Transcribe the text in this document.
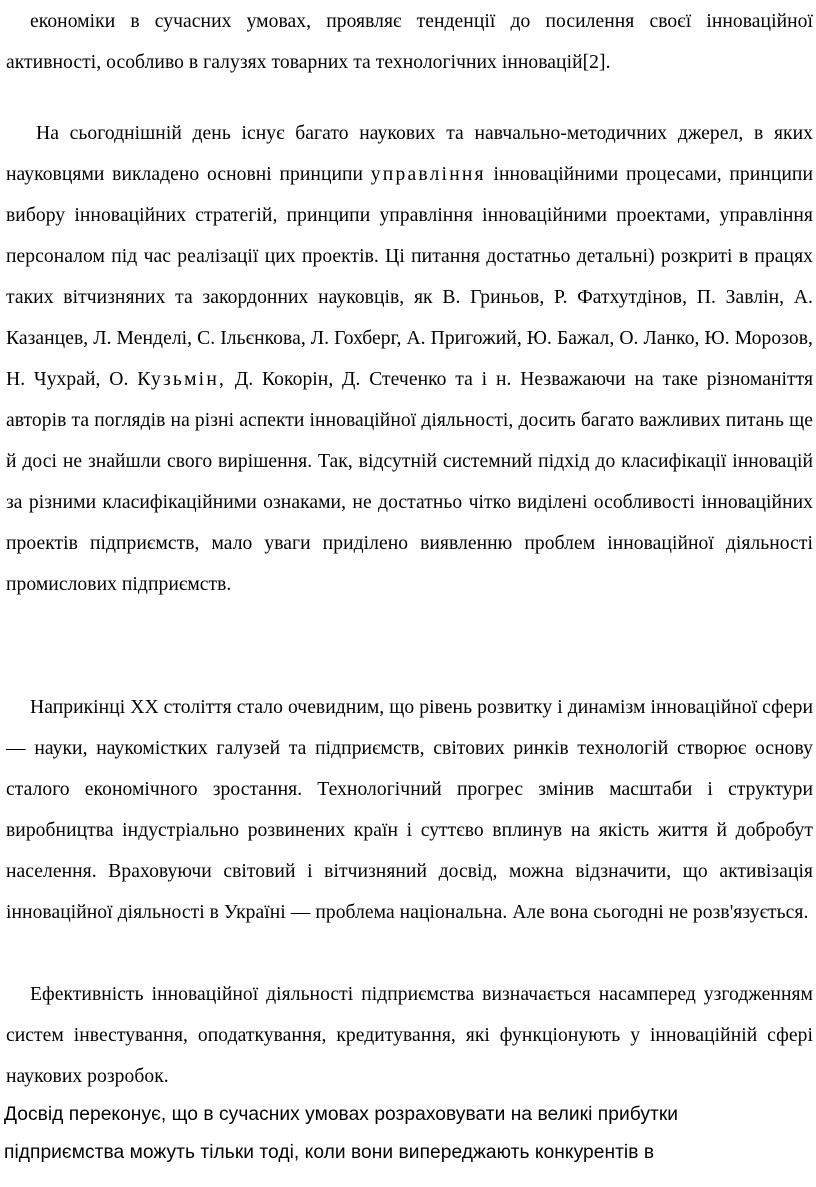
економіки в сучасних умовах, проявляє тенденції до посилення своєї інноваційної активності, особливо в галузях товарних та технологічних інновацій[2].

На сьогоднішній день існує багато наукових та навчально-методичних джерел, в яких науковцями викладено основні принципи управління інноваційними процесами, принципи вибору інноваційних стратегій, принципи управління інноваційними проектами, управління персоналом під час реалізації цих проектів. Ці питання достатньо детальні) розкриті в працях таких вітчизняних та закордонних науковців, як В. Гриньов, Р. Фатхутдінов, П. Завлін, А. Казанцев, Л. Менделі, С. Ільєнкова, Л. Гохберг, А. Пригожий, Ю. Бажал, О. Ланко, Ю. Морозов, Н. Чухрай, О. Кузьмін, Д. Кокорін, Д. Стеченко та і н. Незважаючи на таке різноманіття авторів та поглядів на різні аспекти інноваційної діяльності, досить багато важливих питань ще й досі не знайшли свого вирішення. Так, відсутній системний підхід до класифікації інновацій за різними класифікаційними ознаками, не достатньо чітко виділені особливості інноваційних проектів підприємств, мало уваги приділено виявленню проблем інноваційної діяльності промислових підприємств.

Наприкінці XX століття стало очевидним, що рівень розвитку і динамізм інноваційної сфери — науки, наукомістких галузей та підприємств, світових ринків технологій створює основу сталого економічного зростання. Технологічний прогрес змінив масштаби і структури виробництва індустріально розвинених країн і суттєво вплинув на якість життя й добробут населення. Враховуючи світовий і вітчизняний досвід, можна відзначити, що активізація інноваційної діяльності в Україні — проблема національна. Але вона сьогодні не розв'язується.

Ефективність інноваційної діяльності підприємства визначається насамперед узгодженням систем інвестування, оподаткування, кредитування, які функціонують у інноваційній сфері наукових розробок.

Досвід переконує, що в сучасних умовах розраховувати на великі прибутки підприємства можуть тільки тоді, коли вони випереджають конкурентів в
